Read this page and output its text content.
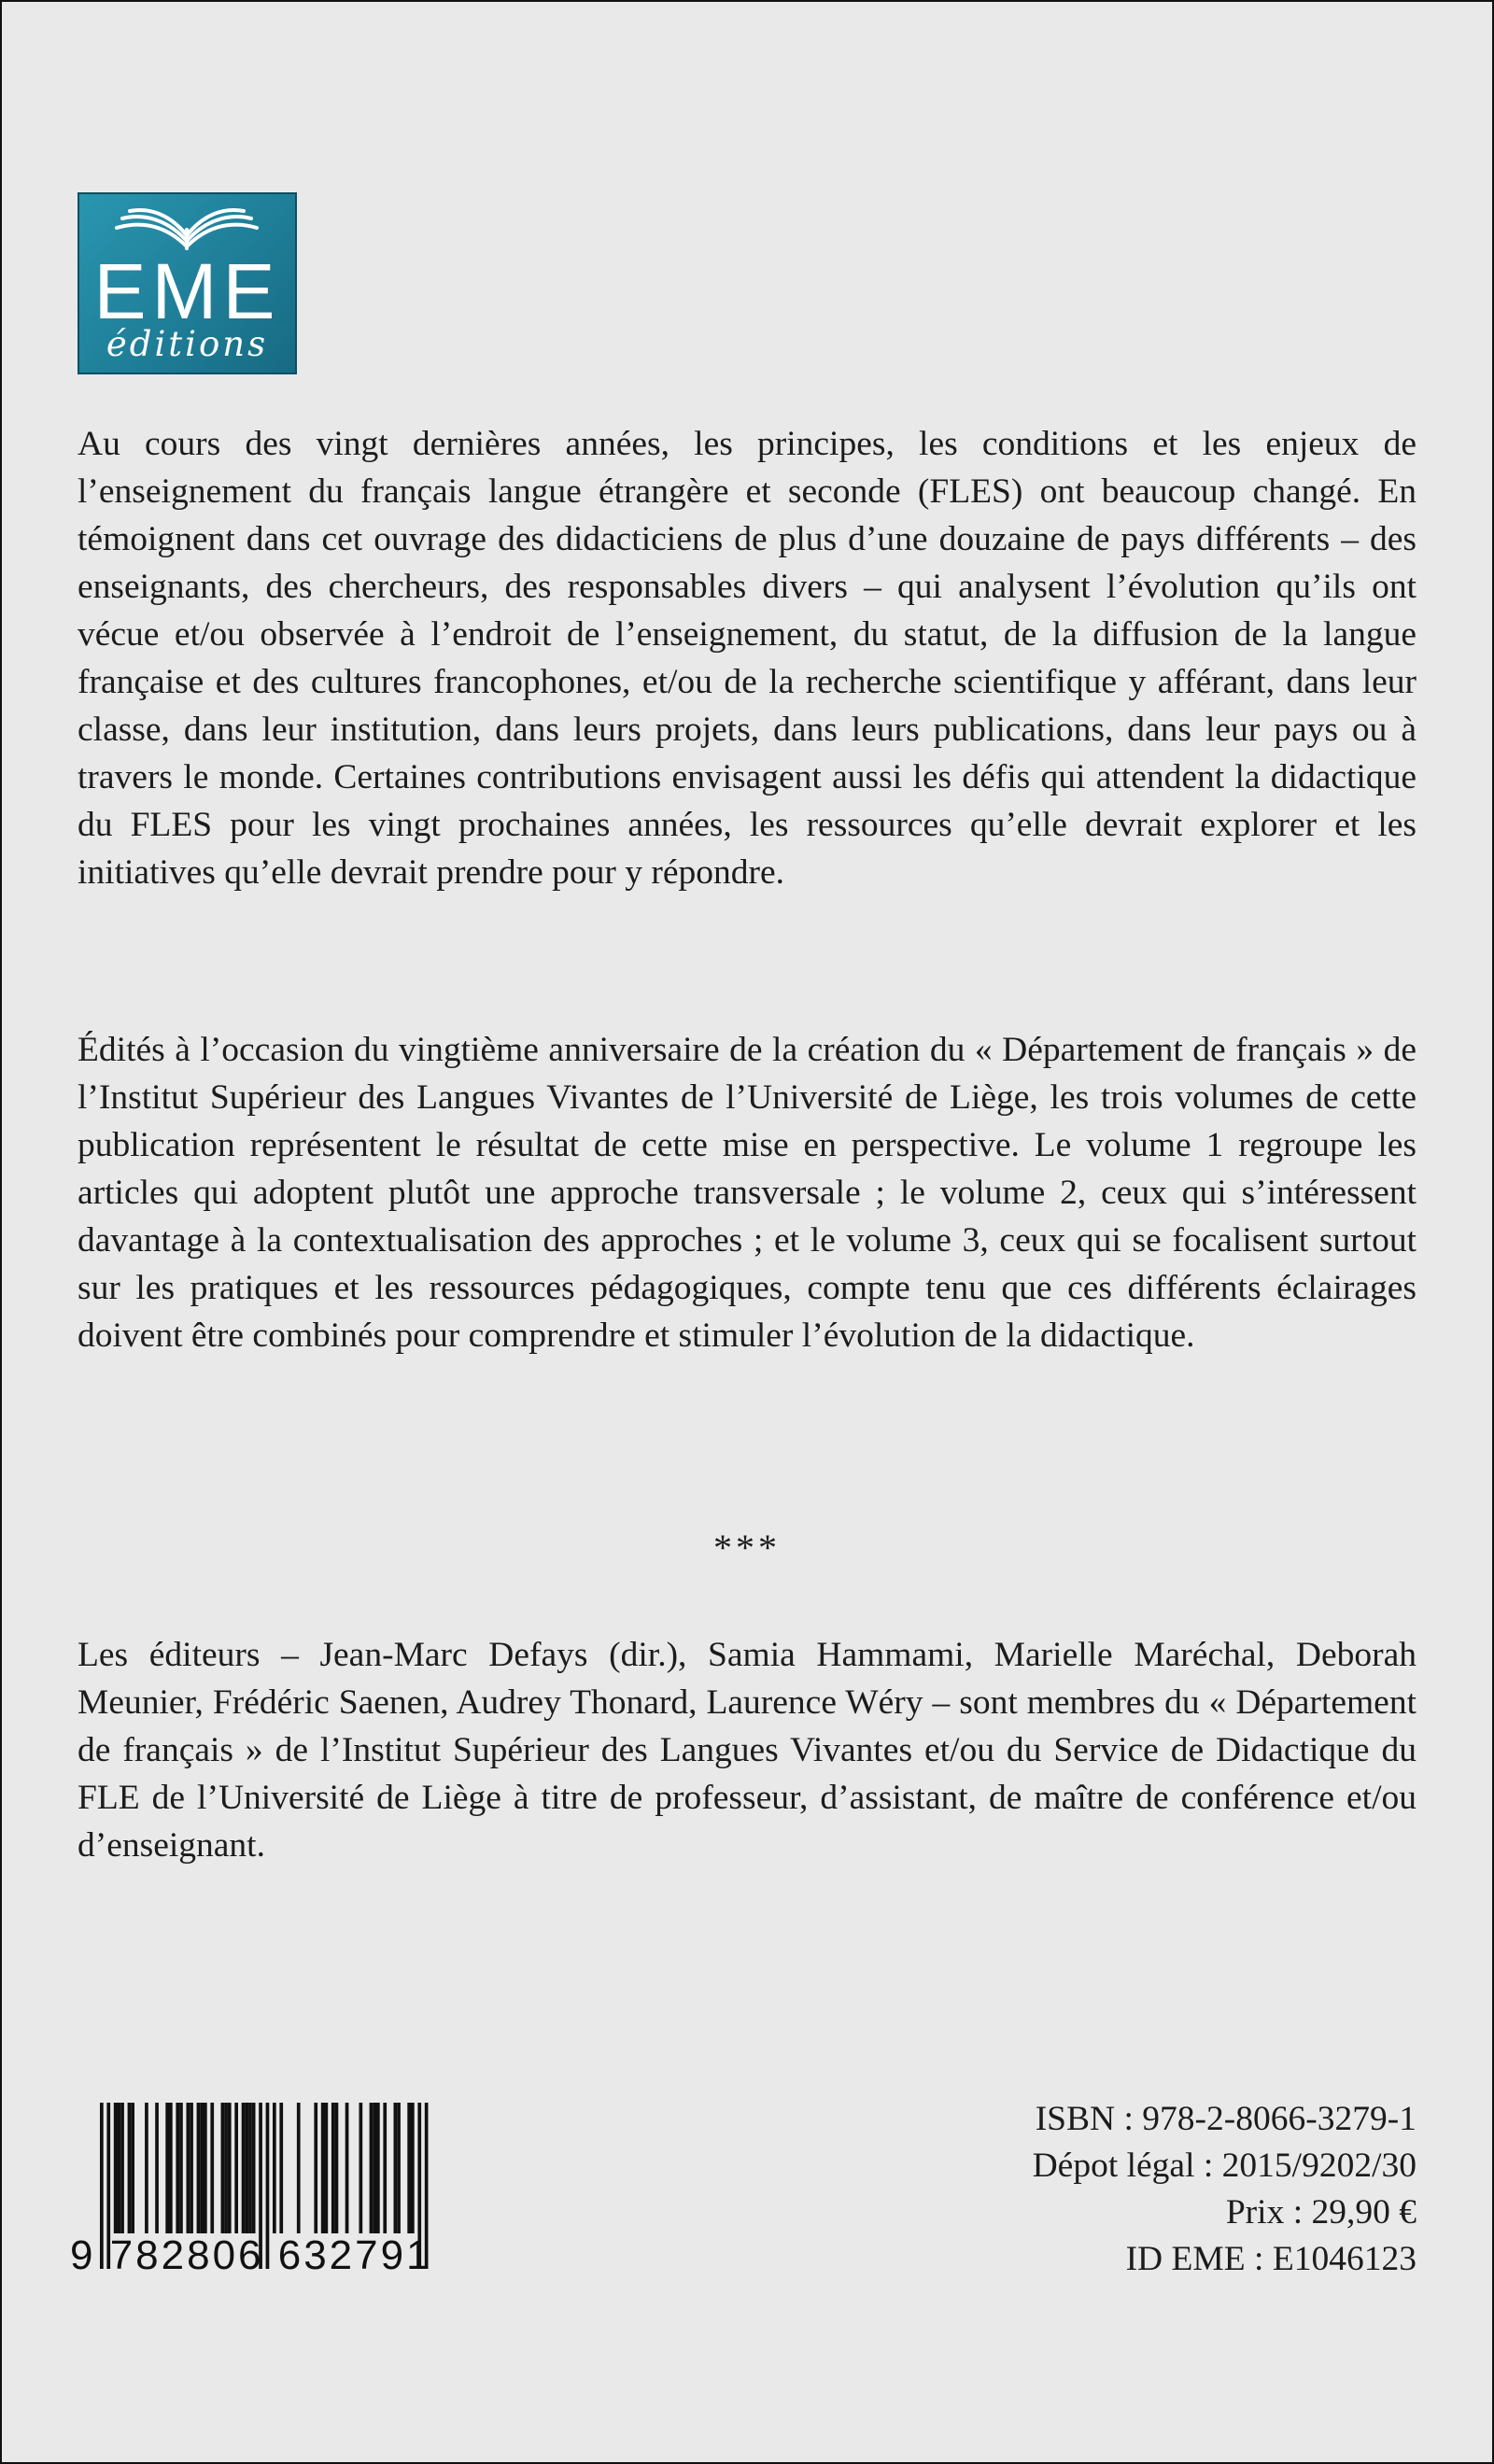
EME
éditions

Au cours des vingt dernières années, les principes, les conditions et les enjeux de l’enseignement du français langue étrangère et seconde (FLES) ont beaucoup changé. En témoignent dans cet ouvrage des didacticiens de plus d’une douzaine de pays différents – des enseignants, des chercheurs, des responsables divers – qui analysent l’évolution qu’ils ont vécue et/ou observée à l’endroit de l’enseignement, du statut, de la diffusion de la langue française et des cultures francophones, et/ou de la recherche scientifique y afférant, dans leur classe, dans leur institution, dans leurs projets, dans leurs publications, dans leur pays ou à travers le monde. Certaines contributions envisagent aussi les défis qui attendent la didactique du FLES pour les vingt prochaines années, les ressources qu’elle devrait explorer et les initiatives qu’elle devrait prendre pour y répondre.

Édités à l’occasion du vingtième anniversaire de la création du « Département de français » de l’Institut Supérieur des Langues Vivantes de l’Université de Liège, les trois volumes de cette publication représentent le résultat de cette mise en perspective. Le volume 1 regroupe les articles qui adoptent plutôt une approche transversale ; le volume 2, ceux qui s’intéressent davantage à la contextualisation des approches ; et le volume 3, ceux qui se focalisent surtout sur les pratiques et les ressources pédagogiques, compte tenu que ces différents éclairages doivent être combinés pour comprendre et stimuler l’évolution de la didactique.

***

Les éditeurs – Jean-Marc Defays (dir.), Samia Hammami, Marielle Maréchal, Deborah Meunier, Frédéric Saenen, Audrey Thonard, Laurence Wéry – sont membres du « Département de français » de l’Institut Supérieur des Langues Vivantes et/ou du Service de Didactique du FLE de l’Université de Liège à titre de professeur, d’assistant, de maître de conférence et/ou d’enseignant.

9 782806 632791
ISBN : 978-2-8066-3279-1
Dépot légal : 2015/9202/30
Prix : 29,90 €
ID EME : E1046123
